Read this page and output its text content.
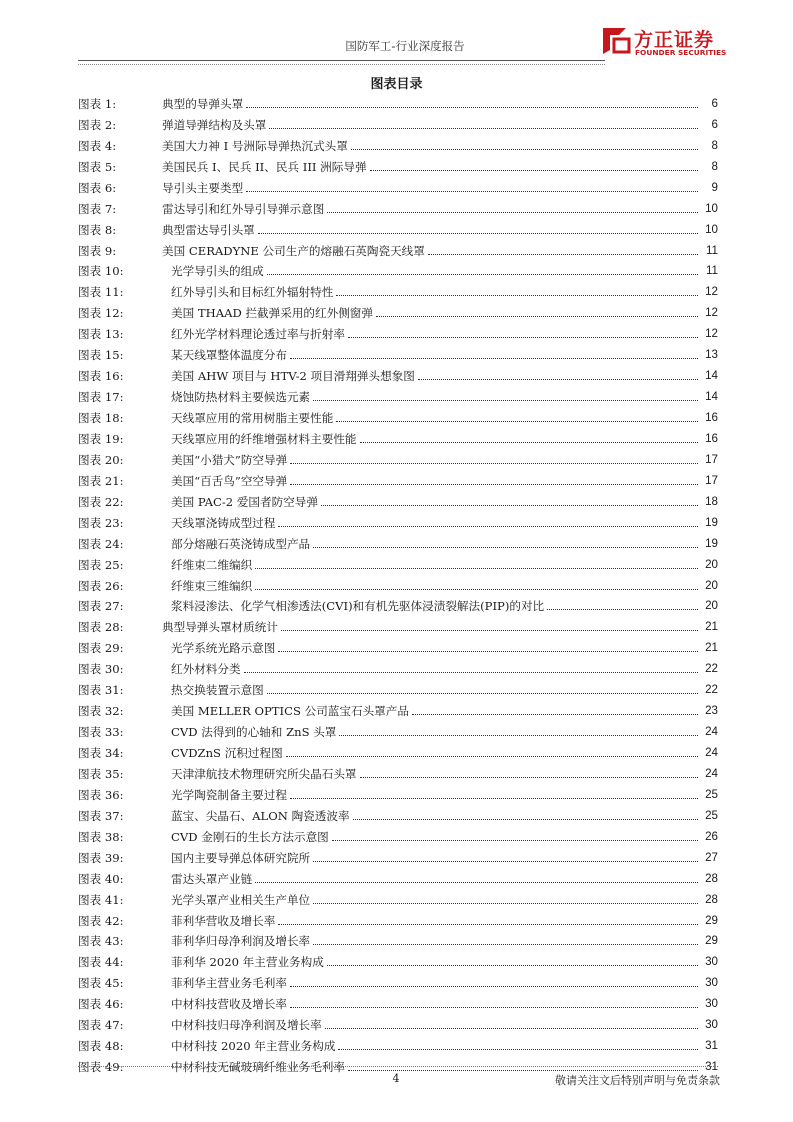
国防军工-行业深度报告	方正证券
FOUNDER SECURITIES
图表目录
图表 1:	典型的导弹头罩	6
图表 2:	弹道导弹结构及头罩	6
图表 4:	美国大力神 I 号洲际导弹热沉式头罩	8
图表 5:	美国民兵 I、民兵 II、民兵 III 洲际导弹	8
图表 6:	导引头主要类型	9
图表 7:	雷达导引和红外导引导弹示意图	10
图表 8:	典型雷达导引头罩	10
图表 9:	美国 CERADYNE 公司生产的熔融石英陶瓷天线罩	11
图表 10:	光学导引头的组成	11
图表 11:	红外导引头和目标红外辐射特性	12
图表 12:	美国 THAAD 拦截弹采用的红外侧窗弹	12
图表 13:	红外光学材料理论透过率与折射率	12
图表 15:	某天线罩整体温度分布	13
图表 16:	美国 AHW 项目与 HTV-2 项目滑翔弹头想象图	14
图表 17:	烧蚀防热材料主要候选元素	14
图表 18:	天线罩应用的常用树脂主要性能	16
图表 19:	天线罩应用的纤维增强材料主要性能	16
图表 20:	美国“小猎犬”防空导弹	17
图表 21:	美国“百舌鸟”空空导弹	17
图表 22:	美国 PAC-2 爱国者防空导弹	18
图表 23:	天线罩浇铸成型过程	19
图表 24:	部分熔融石英浇铸成型产品	19
图表 25:	纤维束二维编织	20
图表 26:	纤维束三维编织	20
图表 27:	浆料浸渗法、化学气相渗透法(CVI)和有机先驱体浸渍裂解法(PIP)的对比	20
图表 28:	典型导弹头罩材质统计	21
图表 29:	光学系统光路示意图	21
图表 30:	红外材料分类	22
图表 31:	热交换装置示意图	22
图表 32:	美国 MELLER OPTICS 公司蓝宝石头罩产品	23
图表 33:	CVD 法得到的心轴和 ZnS 头罩	24
图表 34:	CVDZnS 沉积过程图	24
图表 35:	天津津航技术物理研究所尖晶石头罩	24
图表 36:	光学陶瓷制备主要过程	25
图表 37:	蓝宝、尖晶石、ALON 陶瓷透波率	25
图表 38:	CVD 金刚石的生长方法示意图	26
图表 39:	国内主要导弹总体研究院所	27
图表 40:	雷达头罩产业链	28
图表 41:	光学头罩产业相关生产单位	28
图表 42:	菲利华营收及增长率	29
图表 43:	菲利华归母净利润及增长率	29
图表 44:	菲利华 2020 年主营业务构成	30
图表 45:	菲利华主营业务毛利率	30
图表 46:	中材科技营收及增长率	30
图表 47:	中材科技归母净利润及增长率	30
图表 48:	中材科技 2020 年主营业务构成	31
图表 49:	中材科技无碱玻璃纤维业务毛利率	31
4	敬请关注文后特别声明与免责条款
